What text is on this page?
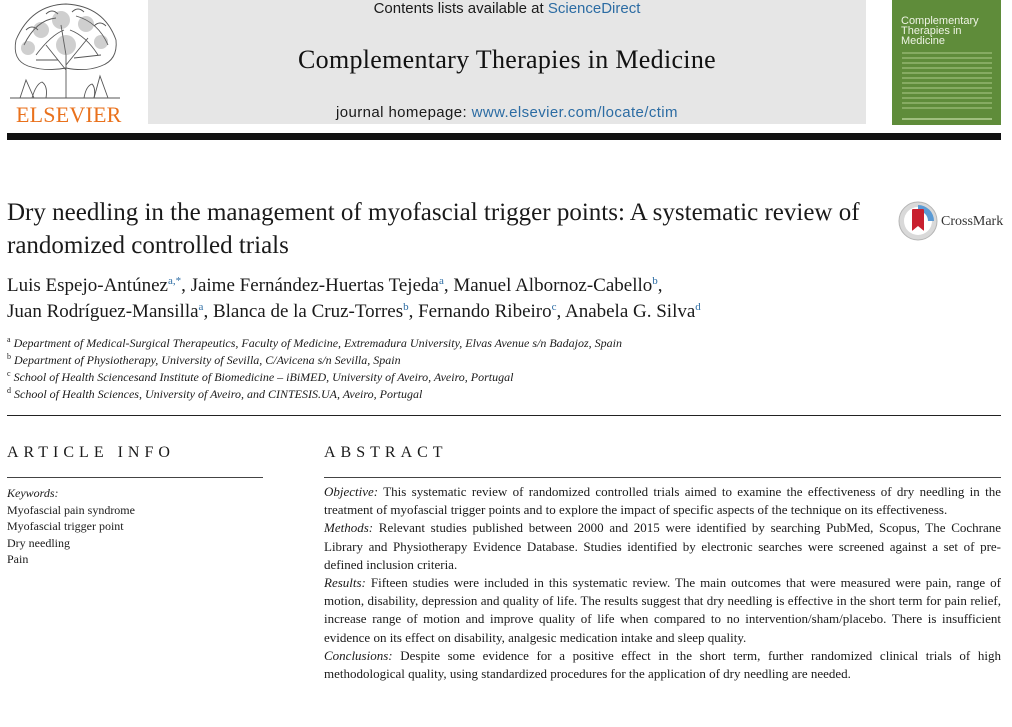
ELSEVIER
Contents lists available at ScienceDirect
Complementary Therapies in Medicine
journal homepage: www.elsevier.com/locate/ctim
Complementary Therapies in Medicine
Dry needling in the management of myofascial trigger points: A systematic review of randomized controlled trials
CrossMark
Luis Espejo-Antúnez$^{a,*}$, Jaime Fernández-Huertas Tejeda$^a$, Manuel Albornoz-Cabello$^b$,
Juan Rodríguez-Mansilla$^a$, Blanca de la Cruz-Torres$^b$, Fernando Ribeiro$^c$, Anabela G. Silva$^d$
$^a$ Department of Medical-Surgical Therapeutics, Faculty of Medicine, Extremadura University, Elvas Avenue s/n Badajoz, Spain
$^b$ Department of Physiotherapy, University of Sevilla, C/Avicena s/n Sevilla, Spain
$^c$ School of Health Sciencesand Institute of Biomedicine – iBiMED, University of Aveiro, Aveiro, Portugal
$^d$ School of Health Sciences, University of Aveiro, and CINTESIS.UA, Aveiro, Portugal
ARTICLE INFO
Keywords:
Myofascial pain syndrome
Myofascial trigger point
Dry needling
Pain
ABSTRACT

Objective: This systematic review of randomized controlled trials aimed to examine the effectiveness of dry needling in the treatment of myofascial trigger points and to explore the impact of specific aspects of the technique on its effectiveness.

Methods: Relevant studies published between 2000 and 2015 were identified by searching PubMed, Scopus, The Cochrane Library and Physiotherapy Evidence Database. Studies identified by electronic searches were screened against a set of pre-defined inclusion criteria.

Results: Fifteen studies were included in this systematic review. The main outcomes that were measured were pain, range of motion, disability, depression and quality of life. The results suggest that dry needling is effective in the short term for pain relief, increase range of motion and improve quality of life when compared to no intervention/sham/placebo. There is insufficient evidence on its effect on disability, analgesic medication intake and sleep quality.

Conclusions: Despite some evidence for a positive effect in the short term, further randomized clinical trials of high methodological quality, using standardized procedures for the application of dry needling are needed.
